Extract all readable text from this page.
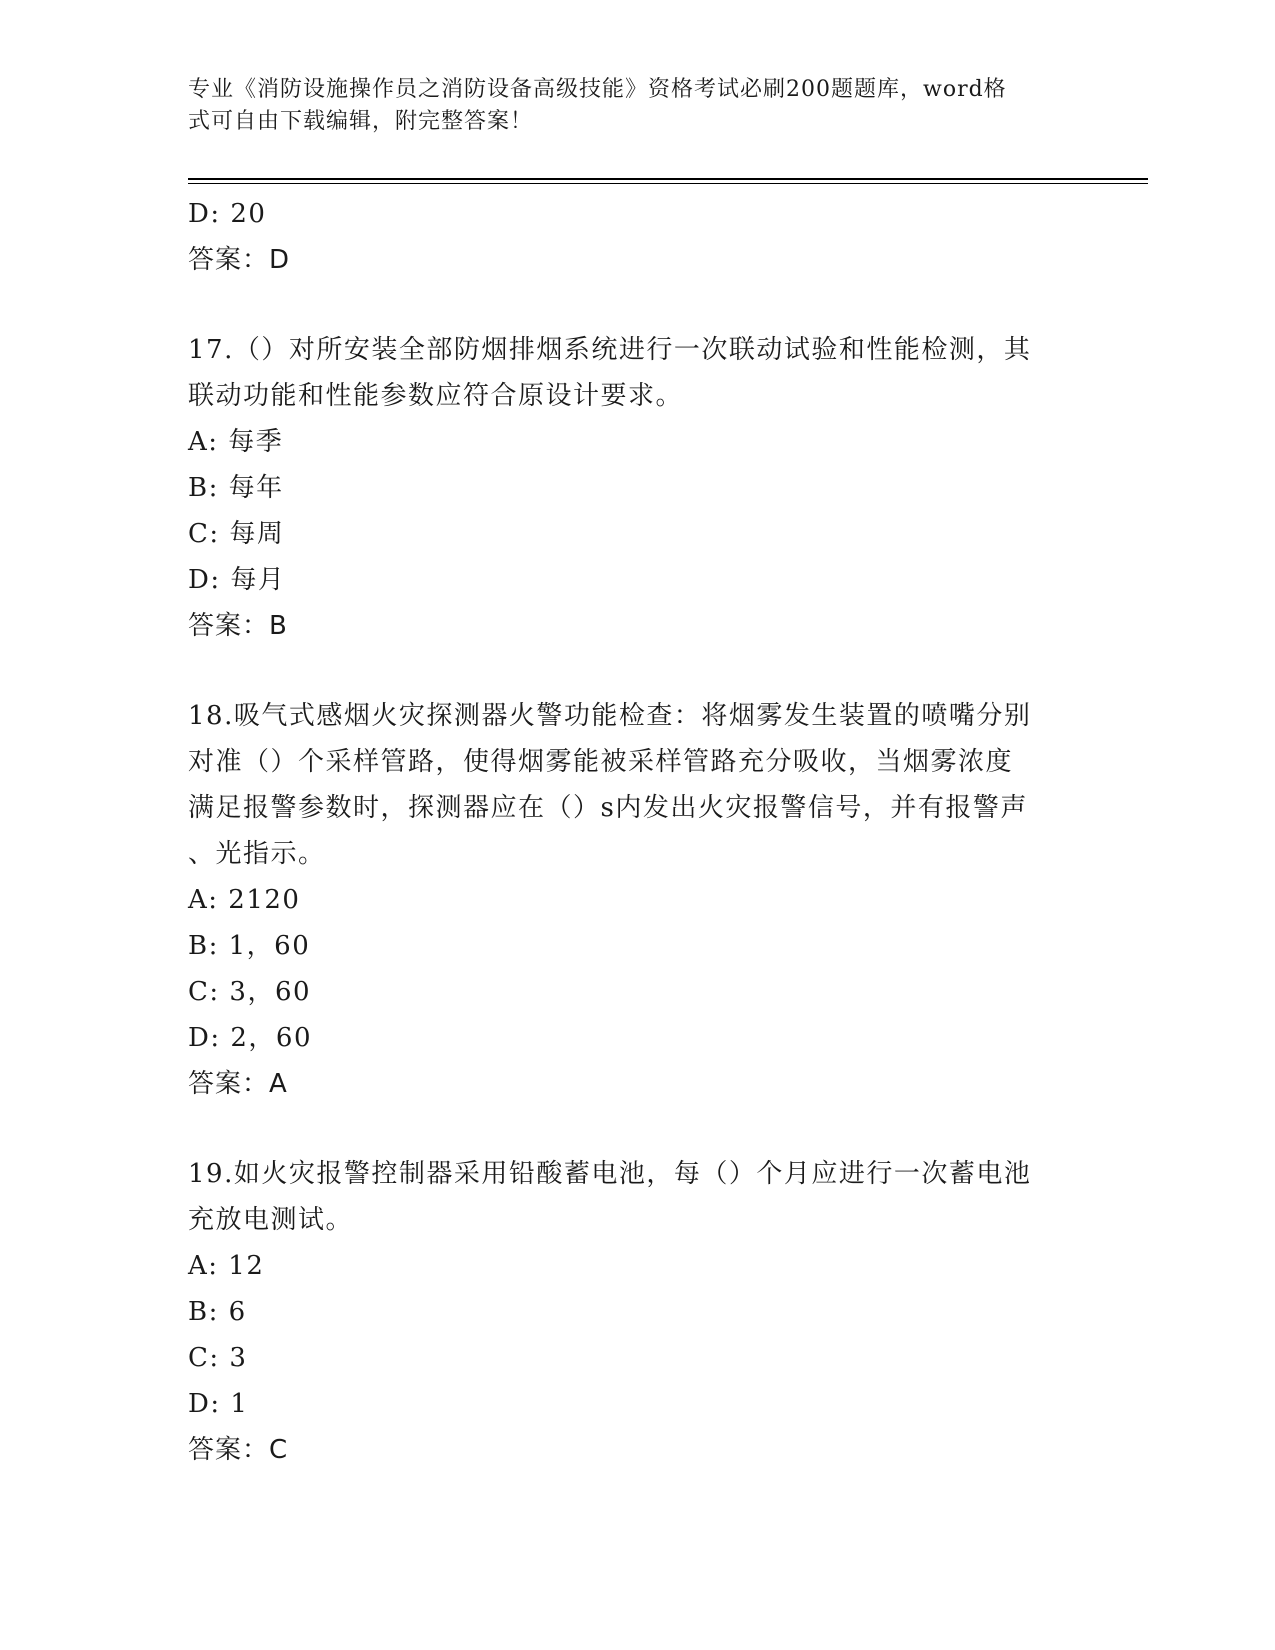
专业《消防设施操作员之消防设备高级技能》资格考试必刷200题题库，word格
式可自由下载编辑，附完整答案！
D: 20
答案：D
17.（）对所安装全部防烟排烟系统进行一次联动试验和性能检测，其
联动功能和性能参数应符合原设计要求。
A: 每季
B: 每年
C: 每周
D: 每月
答案：B
18.吸气式感烟火灾探测器火警功能检查：将烟雾发生装置的喷嘴分别
对准（）个采样管路，使得烟雾能被采样管路充分吸收，当烟雾浓度
满足报警参数时，探测器应在（）s内发出火灾报警信号，并有报警声
、光指示。
A: 2120
B: 1，60
C: 3，60
D: 2，60
答案：A
19.如火灾报警控制器采用铅酸蓄电池，每（）个月应进行一次蓄电池
充放电测试。
A: 12
B: 6
C: 3
D: 1
答案：C
